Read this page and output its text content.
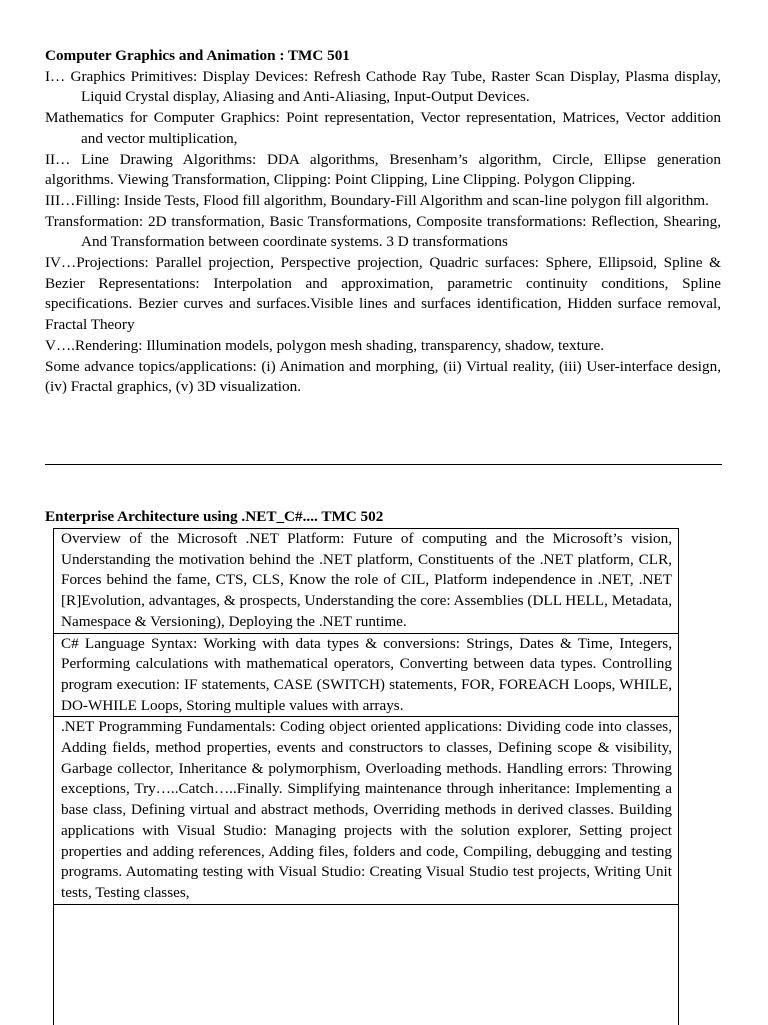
Computer Graphics and Animation : TMC 501
I… Graphics Primitives: Display Devices: Refresh Cathode Ray Tube, Raster Scan Display, Plasma display, Liquid Crystal display, Aliasing and Anti-Aliasing, Input-Output Devices.
Mathematics for Computer Graphics: Point representation, Vector representation, Matrices, Vector addition and vector multiplication,
II… Line Drawing Algorithms: DDA algorithms, Bresenham’s algorithm, Circle, Ellipse generation algorithms. Viewing Transformation, Clipping: Point Clipping, Line Clipping. Polygon Clipping.
III…Filling: Inside Tests, Flood fill algorithm, Boundary-Fill Algorithm and scan-line polygon fill algorithm.
Transformation: 2D transformation, Basic Transformations, Composite transformations: Reflection, Shearing, And Transformation between coordinate systems. 3 D transformations
IV…Projections: Parallel projection, Perspective projection, Quadric surfaces: Sphere, Ellipsoid, Spline & Bezier Representations: Interpolation and approximation, parametric continuity conditions, Spline specifications. Bezier curves and surfaces.Visible lines and surfaces identification, Hidden surface removal, Fractal Theory
V….Rendering: Illumination models, polygon mesh shading, transparency, shadow, texture.
Some advance topics/applications: (i) Animation and morphing, (ii) Virtual reality, (iii) User-interface design, (iv) Fractal graphics, (v) 3D visualization.
Enterprise Architecture using .NET_C#.... TMC 502
Overview of the Microsoft .NET Platform: Future of computing and the Microsoft’s vision, Understanding the motivation behind the .NET platform, Constituents of the .NET platform, CLR, Forces behind the fame, CTS, CLS, Know the role of CIL, Platform independence in .NET, .NET [R]Evolution, advantages, & prospects, Understanding the core: Assemblies (DLL HELL, Metadata, Namespace & Versioning), Deploying the .NET runtime.
C# Language Syntax: Working with data types & conversions: Strings, Dates & Time, Integers, Performing calculations with mathematical operators, Converting between data types. Controlling program execution: IF statements, CASE (SWITCH) statements, FOR, FOREACH Loops, WHILE, DO-WHILE Loops, Storing multiple values with arrays.
.NET Programming Fundamentals: Coding object oriented applications: Dividing code into classes, Adding fields, method properties, events and constructors to classes, Defining scope & visibility, Garbage collector, Inheritance & polymorphism, Overloading methods. Handling errors: Throwing exceptions, Try…..Catch…..Finally. Simplifying maintenance through inheritance: Implementing a base class, Defining virtual and abstract methods, Overriding methods in derived classes. Building applications with Visual Studio: Managing projects with the solution explorer, Setting project properties and adding references, Adding files, folders and code, Compiling, debugging and testing programs. Automating testing with Visual Studio: Creating Visual Studio test projects, Writing Unit tests, Testing classes,
